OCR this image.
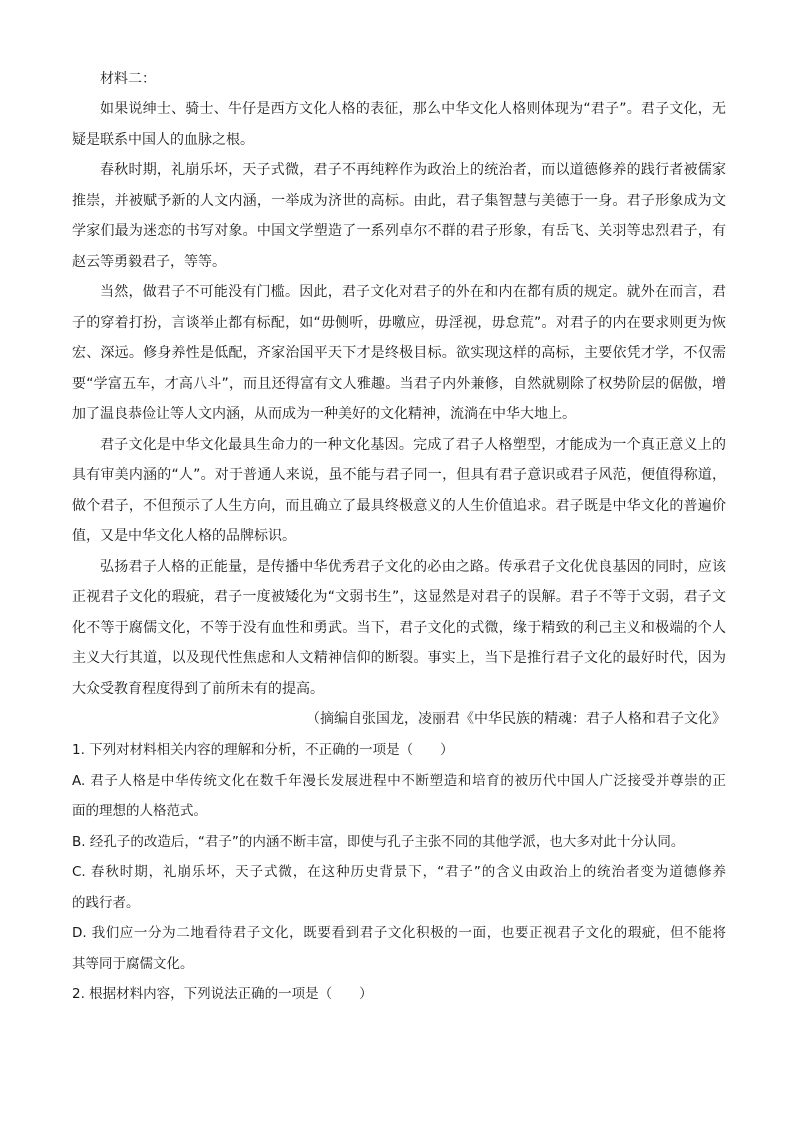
材料二：

如果说绅士、骑士、牛仔是西方文化人格的表征，那么中华文化人格则体现为“君子”。君子文化，无
疑是联系中国人的血脉之根。
春秋时期，礼崩乐坏，天子式微，君子不再纯粹作为政治上的统治者，而以道德修养的践行者被儒家
推崇，并被赋予新的人文内涵，一举成为济世的高标。由此，君子集智慧与美德于一身。君子形象成为文
学家们最为迷恋的书写对象。中国文学塑造了一系列卓尔不群的君子形象，有岳飞、关羽等忠烈君子，有
赵云等勇毅君子，等等。
当然，做君子不可能没有门槛。因此，君子文化对君子的外在和内在都有质的规定。就外在而言，君
子的穿着打扮，言谈举止都有标配，如“毋侧听，毋噭应，毋淫视，毋怠荒”。对君子的内在要求则更为恢
宏、深远。修身养性是低配，齐家治国平天下才是终极目标。欲实现这样的高标，主要依凭才学，不仅需
要“学富五车，才高八斗”，而且还得富有文人雅趣。当君子内外兼修，自然就剔除了权势阶层的倨傲，增
加了温良恭俭让等人文内涵，从而成为一种美好的文化精神，流淌在中华大地上。
君子文化是中华文化最具生命力的一种文化基因。完成了君子人格塑型，才能成为一个真正意义上的
具有审美内涵的“人”。对于普通人来说，虽不能与君子同一，但具有君子意识或君子风范，便值得称道，
做个君子，不但预示了人生方向，而且确立了最具终极意义的人生价值追求。君子既是中华文化的普遍价
值，又是中华文化人格的品牌标识。
弘扬君子人格的正能量，是传播中华优秀君子文化的必由之路。传承君子文化优良基因的同时，应该
正视君子文化的瑕疵，君子一度被矮化为“文弱书生”，这显然是对君子的误解。君子不等于文弱，君子文
化不等于腐儒文化，不等于没有血性和勇武。当下，君子文化的式微，缘于精致的利己主义和极端的个人
主义大行其道，以及现代性焦虑和人文精神信仰的断裂。事实上，当下是推行君子文化的最好时代，因为
大众受教育程度得到了前所未有的提高。

（摘编自张国龙，凌丽君《中华民族的精魂：君子人格和君子文化》

1. 下列对材料相关内容的理解和分析，不正确的一项是（　　）

A. 君子人格是中华传统文化在数千年漫长发展进程中不断塑造和培育的被历代中国人广泛接受并尊崇的正
面的理想的人格范式。
B. 经孔子的改造后，“君子”的内涵不断丰富，即使与孔子主张不同的其他学派，也大多对此十分认同。
C. 春秋时期，礼崩乐坏，天子式微，在这种历史背景下，“君子”的含义由政治上的统治者变为道德修养
的践行者。
D. 我们应一分为二地看待君子文化，既要看到君子文化积极的一面，也要正视君子文化的瑕疵，但不能将
其等同于腐儒文化。

2. 根据材料内容，下列说法正确的一项是（　　）
